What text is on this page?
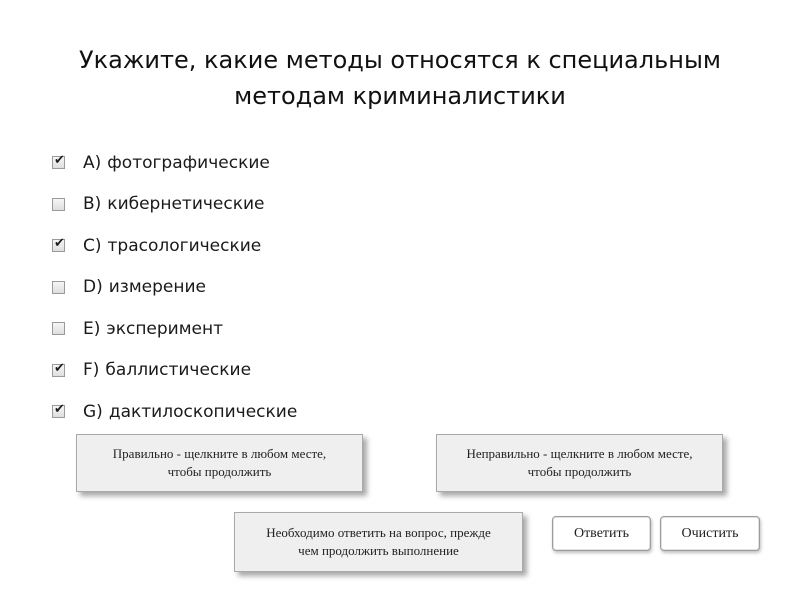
Укажите, какие методы относятся к специальным
методам криминалистики
✔ A) фотографические
B) кибернетические
✔ C) трасологические
D) измерение
E) эксперимент
✔ F) баллистические
✔ G) дактилоскопические
Правильно - щелкните в любом месте,
чтобы продолжить
Неправильно - щелкните в любом месте,
чтобы продолжить
Необходимо ответить на вопрос, прежде
чем продолжить выполнение
Ответить	Очистить
